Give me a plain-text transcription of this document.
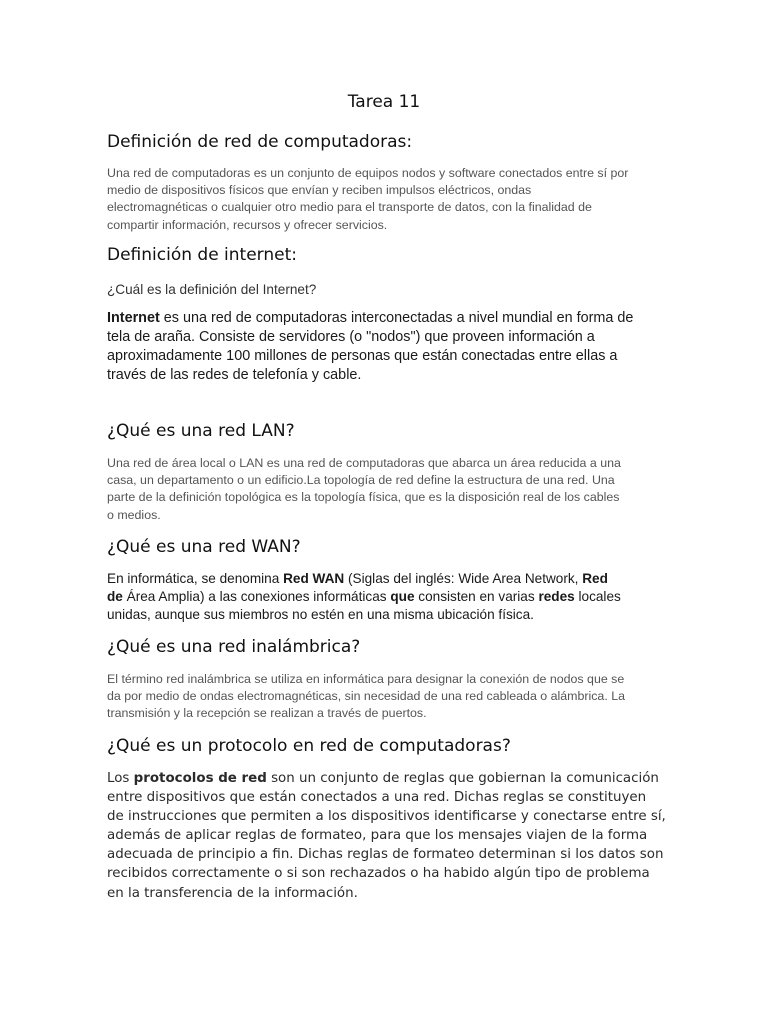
Tarea 11
Definición de red de computadoras:
Una red de computadoras es un conjunto de equipos nodos y software conectados entre sí por
medio de dispositivos físicos que envían y reciben impulsos eléctricos, ondas
electromagnéticas o cualquier otro medio para el transporte de datos, con la finalidad de
compartir información, recursos y ofrecer servicios.
Definición de internet:
¿Cuál es la definición del Internet?
Internet es una red de computadoras interconectadas a nivel mundial en forma de
tela de araña. Consiste de servidores (o "nodos") que proveen información a
aproximadamente 100 millones de personas que están conectadas entre ellas a
través de las redes de telefonía y cable.
¿Qué es una red LAN?
Una red de área local o LAN es una red de computadoras que abarca un área reducida a una
casa, un departamento o un edificio.La topología de red define la estructura de una red. Una
parte de la definición topológica es la topología física, que es la disposición real de los cables
o medios.
¿Qué es una red WAN?
En informática, se denomina Red WAN (Siglas del inglés: Wide Area Network, Red
de Área Amplia) a las conexiones informáticas que consisten en varias redes locales
unidas, aunque sus miembros no estén en una misma ubicación física.
¿Qué es una red inalámbrica?
El término red inalámbrica se utiliza en informática para designar la conexión de nodos que se
da por medio de ondas electromagnéticas, sin necesidad de una red cableada o alámbrica. La
transmisión y la recepción se realizan a través de puertos.
¿Qué es un protocolo en red de computadoras?
Los protocolos de red son un conjunto de reglas que gobiernan la comunicación
entre dispositivos que están conectados a una red. Dichas reglas se constituyen
de instrucciones que permiten a los dispositivos identificarse y conectarse entre sí,
además de aplicar reglas de formateo, para que los mensajes viajen de la forma
adecuada de principio a fin. Dichas reglas de formateo determinan si los datos son
recibidos correctamente o si son rechazados o ha habido algún tipo de problema
en la transferencia de la información.
